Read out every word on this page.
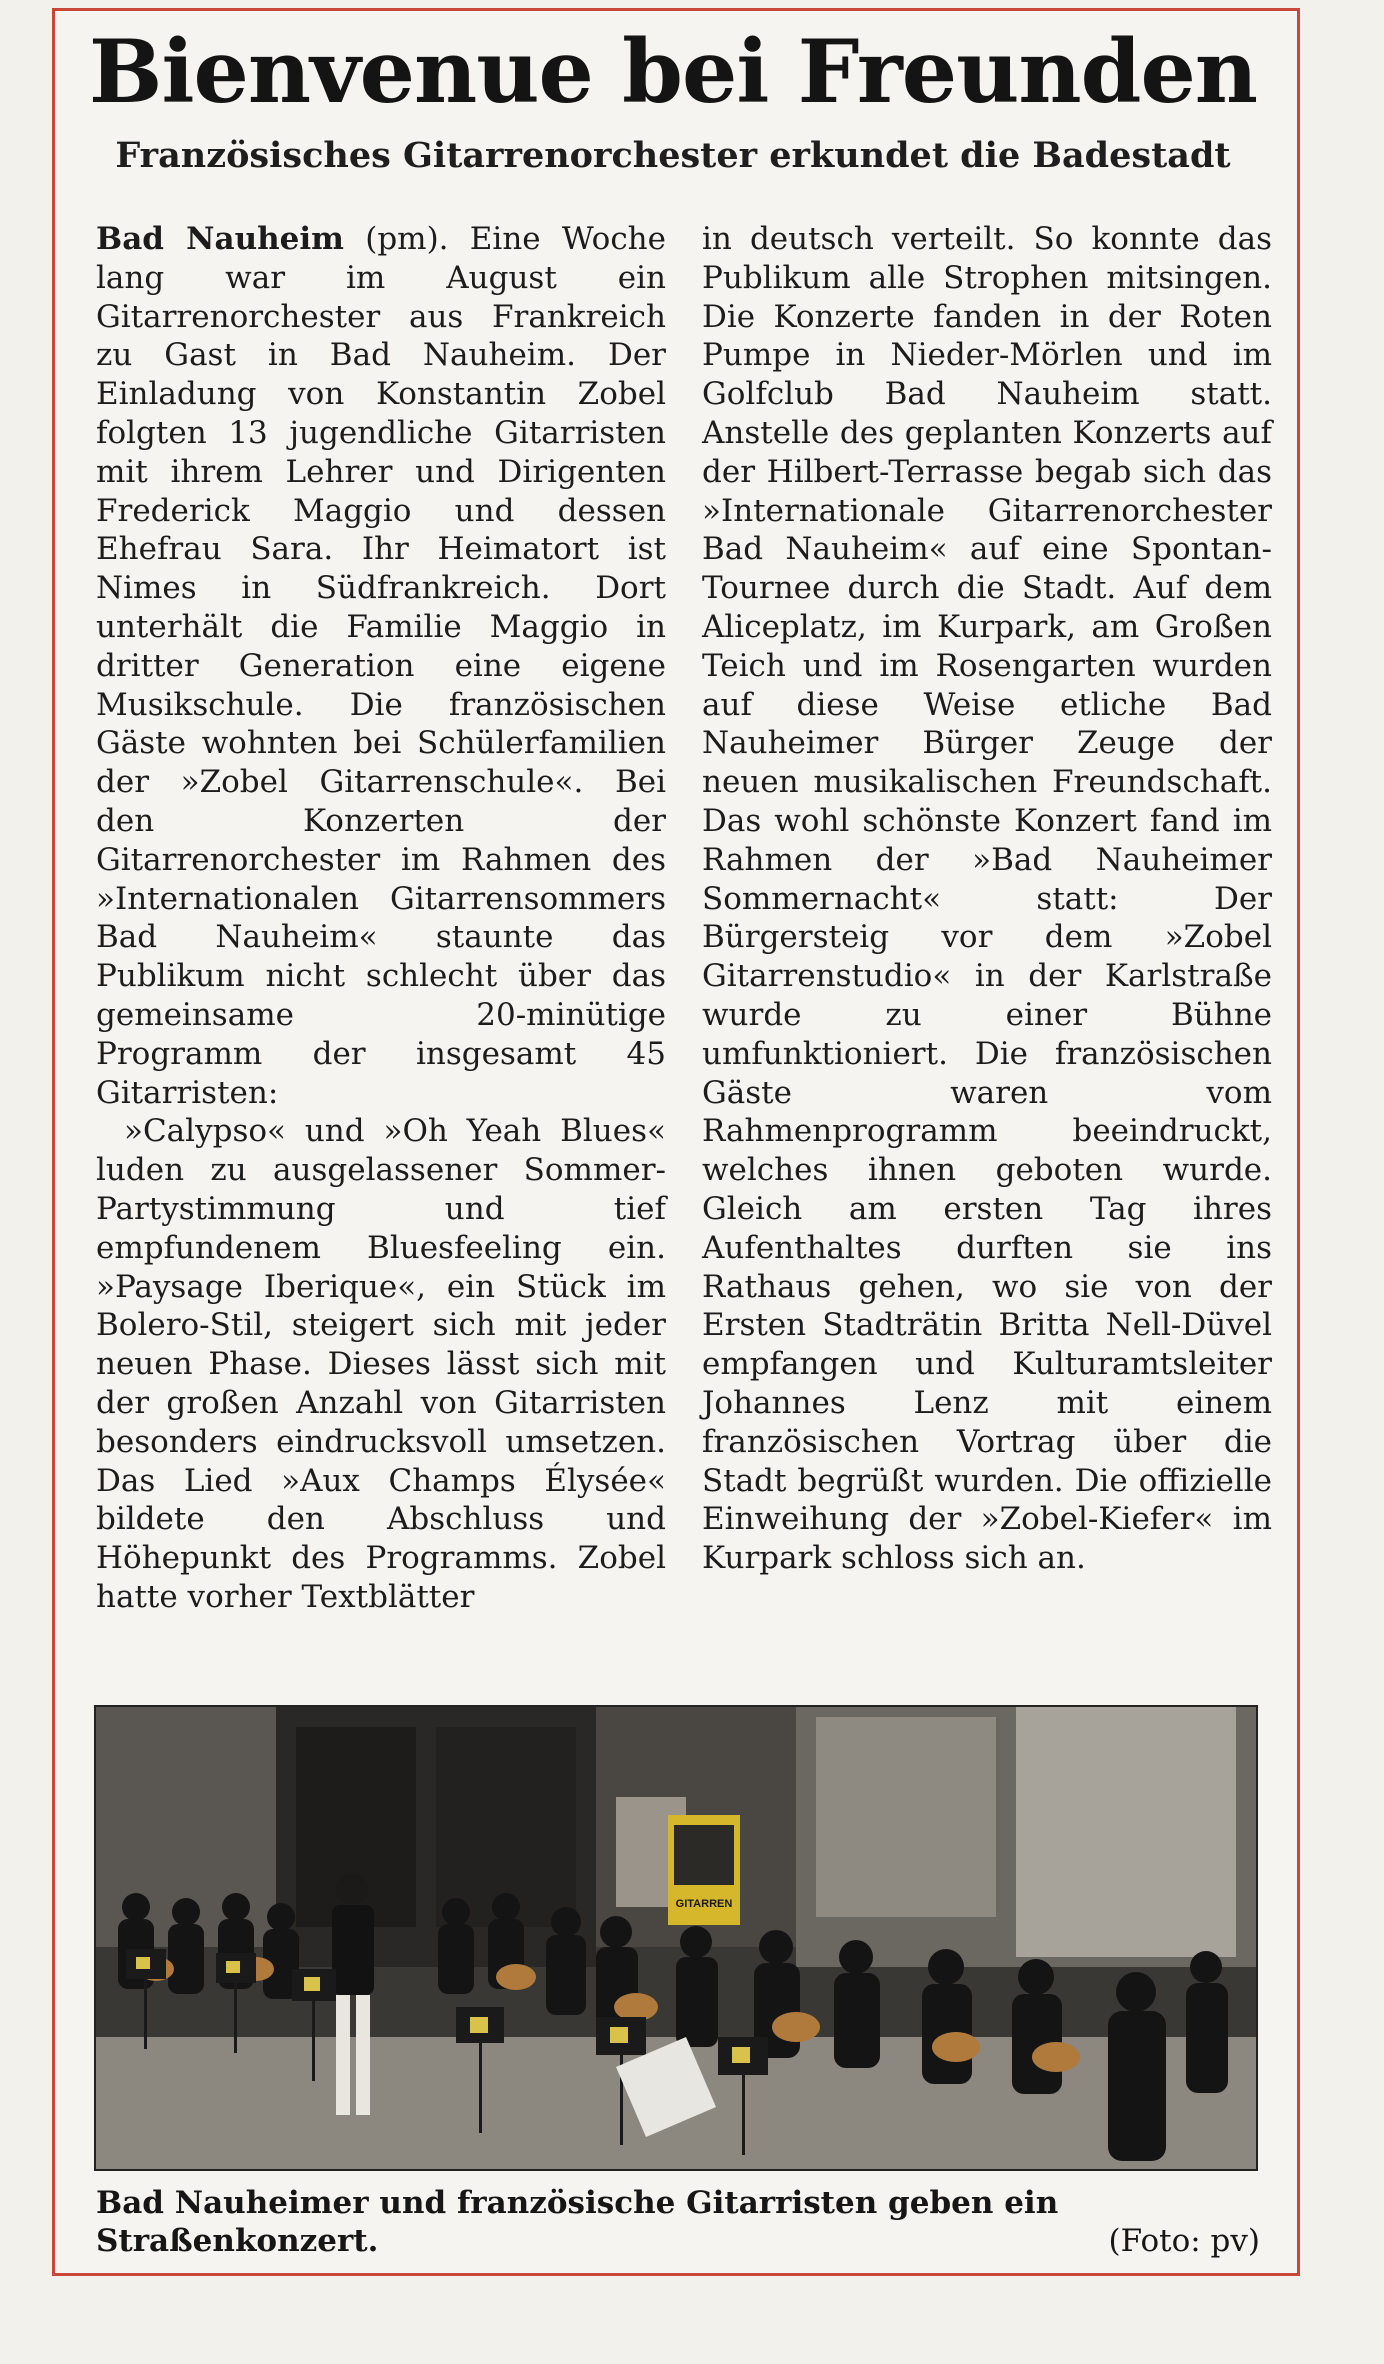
Bienvenue bei Freunden
Französisches Gitarrenorchester erkundet die Badestadt

Bad Nauheim (pm). Eine Woche lang war im August ein Gitarrenorchester aus Frankreich zu Gast in Bad Nauheim. Der Einladung von Konstantin Zobel folgten 13 jugendliche Gitarristen mit ihrem Lehrer und Dirigenten Frederick Maggio und dessen Ehefrau Sara. Ihr Heimatort ist Nimes in Südfrankreich. Dort unterhält die Familie Maggio in dritter Generation eine eigene Musikschule. Die französischen Gäste wohnten bei Schülerfamilien der »Zobel Gitarrenschule«. Bei den Konzerten der Gitarrenorchester im Rahmen des »Internationalen Gitarrensommers Bad Nauheim« staunte das Publikum nicht schlecht über das gemeinsame 20-minütige Programm der insgesamt 45 Gitarristen:

»Calypso« und »Oh Yeah Blues« luden zu ausgelassener Sommer-Partystimmung und tief empfundenem Bluesfeeling ein. »Paysage Iberique«, ein Stück im Bolero-Stil, steigert sich mit jeder neuen Phase. Dieses lässt sich mit der großen Anzahl von Gitarristen besonders eindrucksvoll umsetzen. Das Lied »Aux Champs Élysée« bildete den Abschluss und Höhepunkt des Programms. Zobel hatte vorher Textblätter

in deutsch verteilt. So konnte das Publikum alle Strophen mitsingen. Die Konzerte fanden in der Roten Pumpe in Nieder-Mörlen und im Golfclub Bad Nauheim statt. Anstelle des geplanten Konzerts auf der Hilbert-Terrasse begab sich das »Internationale Gitarrenorchester Bad Nauheim« auf eine Spontan-Tournee durch die Stadt. Auf dem Aliceplatz, im Kurpark, am Großen Teich und im Rosengarten wurden auf diese Weise etliche Bad Nauheimer Bürger Zeuge der neuen musikalischen Freundschaft. Das wohl schönste Konzert fand im Rahmen der »Bad Nauheimer Sommernacht« statt: Der Bürgersteig vor dem »Zobel Gitarrenstudio« in der Karlstraße wurde zu einer Bühne umfunktioniert. Die französischen Gäste waren vom Rahmenprogramm beeindruckt, welches ihnen geboten wurde. Gleich am ersten Tag ihres Aufenthaltes durften sie ins Rathaus gehen, wo sie von der Ersten Stadträtin Britta Nell-Düvel empfangen und Kulturamtsleiter Johannes Lenz mit einem französischen Vortrag über die Stadt begrüßt wurden. Die offizielle Einweihung der »Zobel-Kiefer« im Kurpark schloss sich an.

GITARREN
Bad Nauheimer und französische Gitarristen geben ein Straßenkonzert.	(Foto: pv)
